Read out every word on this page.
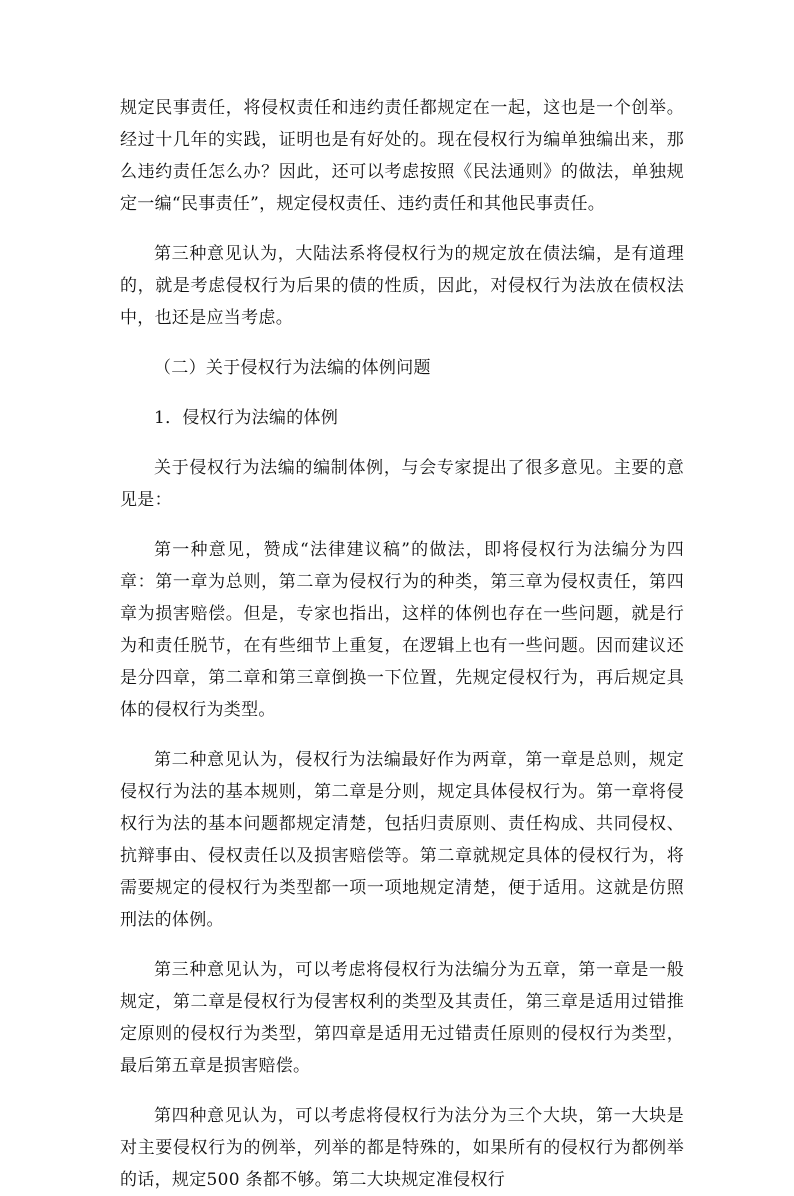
规定民事责任，将侵权责任和违约责任都规定在一起，这也是一个创举。经过十几年的实践，证明也是有好处的。现在侵权行为编单独编出来，那么违约责任怎么办？因此，还可以考虑按照《民法通则》的做法，单独规定一编“民事责任”，规定侵权责任、违约责任和其他民事责任。

第三种意见认为，大陆法系将侵权行为的规定放在债法编，是有道理的，就是考虑侵权行为后果的债的性质，因此，对侵权行为法放在债权法中，也还是应当考虑。

（二）关于侵权行为法编的体例问题

1．侵权行为法编的体例

关于侵权行为法编的编制体例，与会专家提出了很多意见。主要的意见是：

第一种意见，赞成“法律建议稿”的做法，即将侵权行为法编分为四章：第一章为总则，第二章为侵权行为的种类，第三章为侵权责任，第四章为损害赔偿。但是，专家也指出，这样的体例也存在一些问题，就是行为和责任脱节，在有些细节上重复，在逻辑上也有一些问题。因而建议还是分四章，第二章和第三章倒换一下位置，先规定侵权行为，再后规定具体的侵权行为类型。

第二种意见认为，侵权行为法编最好作为两章，第一章是总则，规定侵权行为法的基本规则，第二章是分则，规定具体侵权行为。第一章将侵权行为法的基本问题都规定清楚，包括归责原则、责任构成、共同侵权、抗辩事由、侵权责任以及损害赔偿等。第二章就规定具体的侵权行为，将需要规定的侵权行为类型都一项一项地规定清楚，便于适用。这就是仿照刑法的体例。

第三种意见认为，可以考虑将侵权行为法编分为五章，第一章是一般规定，第二章是侵权行为侵害权利的类型及其责任，第三章是适用过错推定原则的侵权行为类型，第四章是适用无过错责任原则的侵权行为类型，最后第五章是损害赔偿。

第四种意见认为，可以考虑将侵权行为法分为三个大块，第一大块是对主要侵权行为的例举，列举的都是特殊的，如果所有的侵权行为都例举的话，规定500 条都不够。第二大块规定准侵权行
